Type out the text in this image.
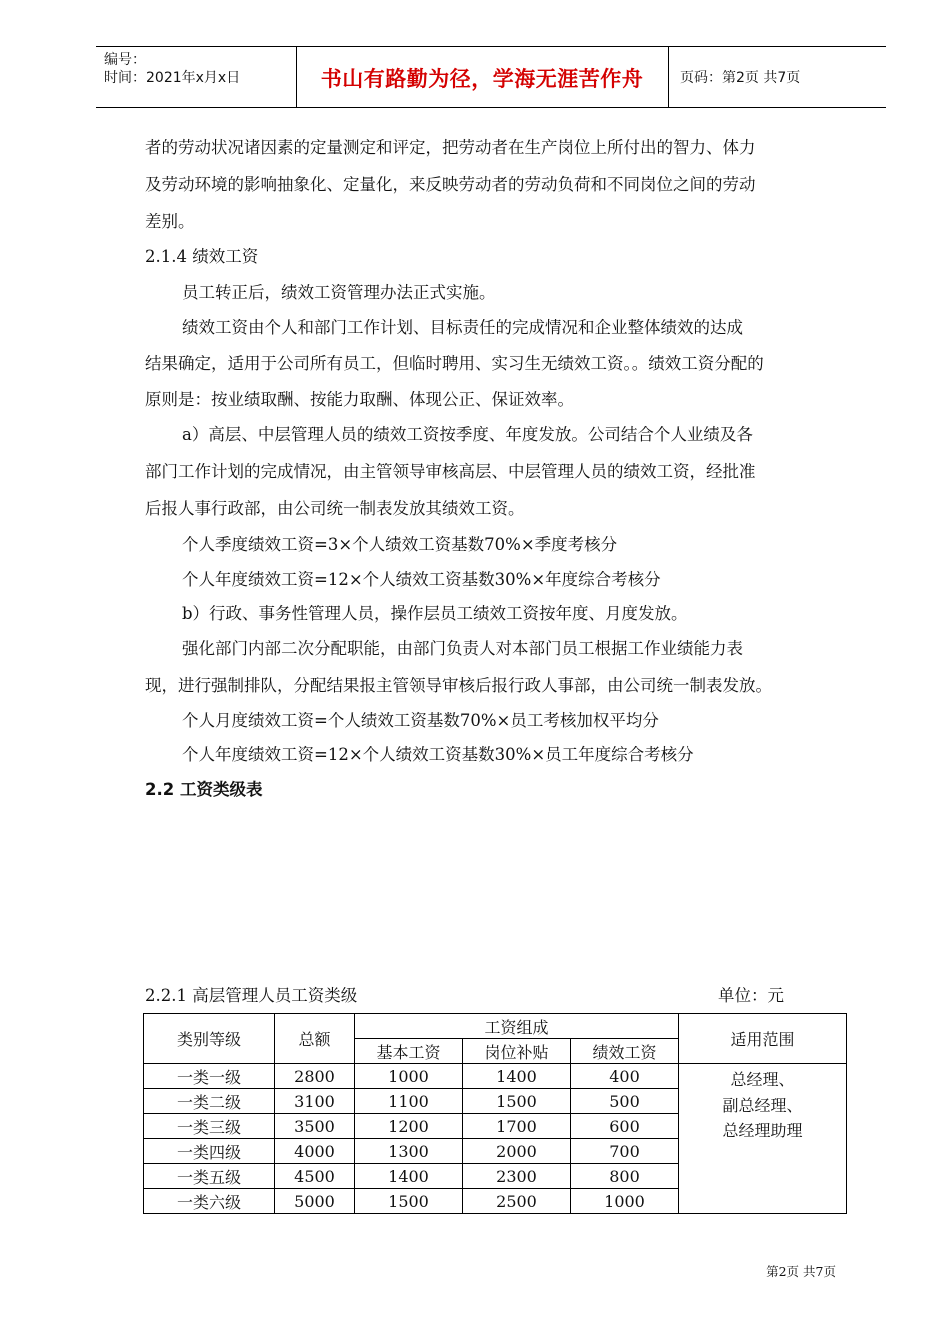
编号：
时间：2021年x月x日	书山有路勤为径，学海无涯苦作舟	页码：第2页 共7页
者的劳动状况诸因素的定量测定和评定，把劳动者在生产岗位上所付出的智力、体力
及劳动环境的影响抽象化、定量化，来反映劳动者的劳动负荷和不同岗位之间的劳动
差别。
2.1.4 绩效工资
员工转正后，绩效工资管理办法正式实施。
绩效工资由个人和部门工作计划、目标责任的完成情况和企业整体绩效的达成
结果确定，适用于公司所有员工，但临时聘用、实习生无绩效工资。。绩效工资分配的
原则是：按业绩取酬、按能力取酬、体现公正、保证效率。
a）高层、中层管理人员的绩效工资按季度、年度发放。公司结合个人业绩及各
部门工作计划的完成情况，由主管领导审核高层、中层管理人员的绩效工资，经批准
后报人事行政部，由公司统一制表发放其绩效工资。
个人季度绩效工资=3×个人绩效工资基数70%×季度考核分
个人年度绩效工资=12×个人绩效工资基数30%×年度综合考核分
b）行政、事务性管理人员，操作层员工绩效工资按年度、月度发放。
强化部门内部二次分配职能，由部门负责人对本部门员工根据工作业绩能力表
现，进行强制排队，分配结果报主管领导审核后报行政人事部，由公司统一制表发放。
个人月度绩效工资=个人绩效工资基数70%×员工考核加权平均分
个人年度绩效工资=12×个人绩效工资基数30%×员工年度综合考核分
2.2 工资类级表
2.2.1 高层管理人员工资类级	单位：元
类别等级	总额	工资组成			适用范围
		基本工资	岗位补贴	绩效工资	
一类一级	2800	1000	1400	400	总经理、
副总经理、
总经理助理

一类二级	3100	1100	1500	500	
一类三级	3500	1200	1700	600	
一类四级	4000	1300	2000	700	
一类五级	4500	1400	2300	800	
一类六级	5000	1500	2500	1000	
第2页 共7页
